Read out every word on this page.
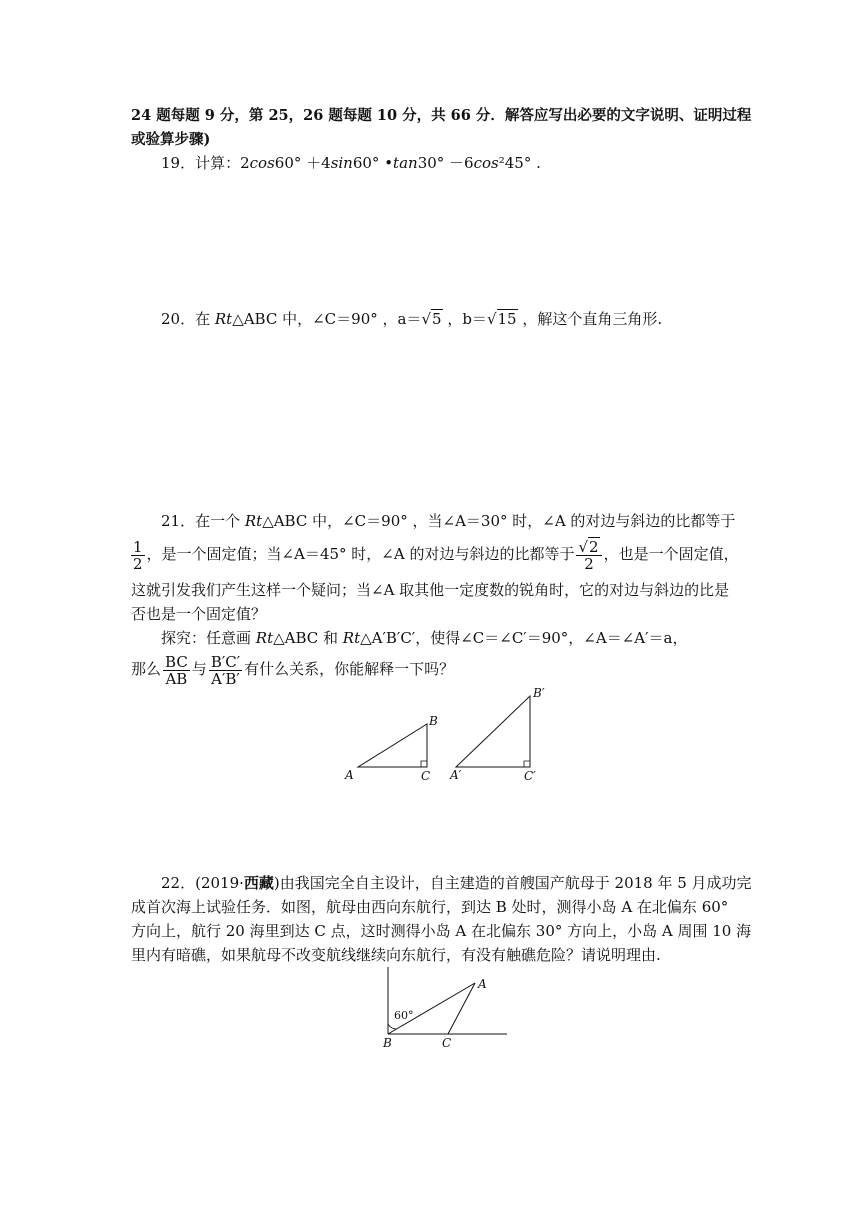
24 题每题 9 分，第 25，26 题每题 10 分，共 66 分．解答应写出必要的文字说明、证明过程
或验算步骤)
19．计算：2cos60° ＋4sin60° •tan30° －6cos²45° .
20．在 Rt△ABC 中，∠C＝90° ，a＝√5 ，b＝√15 ，解这个直角三角形.
21．在一个 Rt△ABC 中，∠C＝90° ，当∠A＝30° 时，∠A 的对边与斜边的比都等于
$\frac{1}{2}$ ，是一个固定值；当∠A＝45° 时，∠A 的对边与斜边的比都等于 $\frac{√2}{2}$ ，也是一个固定值，
这就引发我们产生这样一个疑问；当∠A 取其他一定度数的锐角时，它的对边与斜边的比是
否也是一个固定值？
探究：任意画 Rt△ABC 和 Rt△A′B′C′，使得∠C＝∠C′＝90°，∠A＝∠A′＝a，
那么 $\frac{BC}{AB}$ 与 $\frac{B'C'}{A'B'}$ 有什么关系，你能解释一下吗？
A
B
C A′
B′
C′
22．(2019·西藏)由我国完全自主设计，自主建造的首艘国产航母于 2018 年 5 月成功完
成首次海上试验任务．如图，航母由西向东航行，到达 B 处时，测得小岛 A 在北偏东 60°
方向上，航行 20 海里到达 C 点，这时测得小岛 A 在北偏东 30° 方向上，小岛 A 周围 10 海
里内有暗礁，如果航母不改变航线继续向东航行，有没有触礁危险？请说明理由.
60°
A
B	C
